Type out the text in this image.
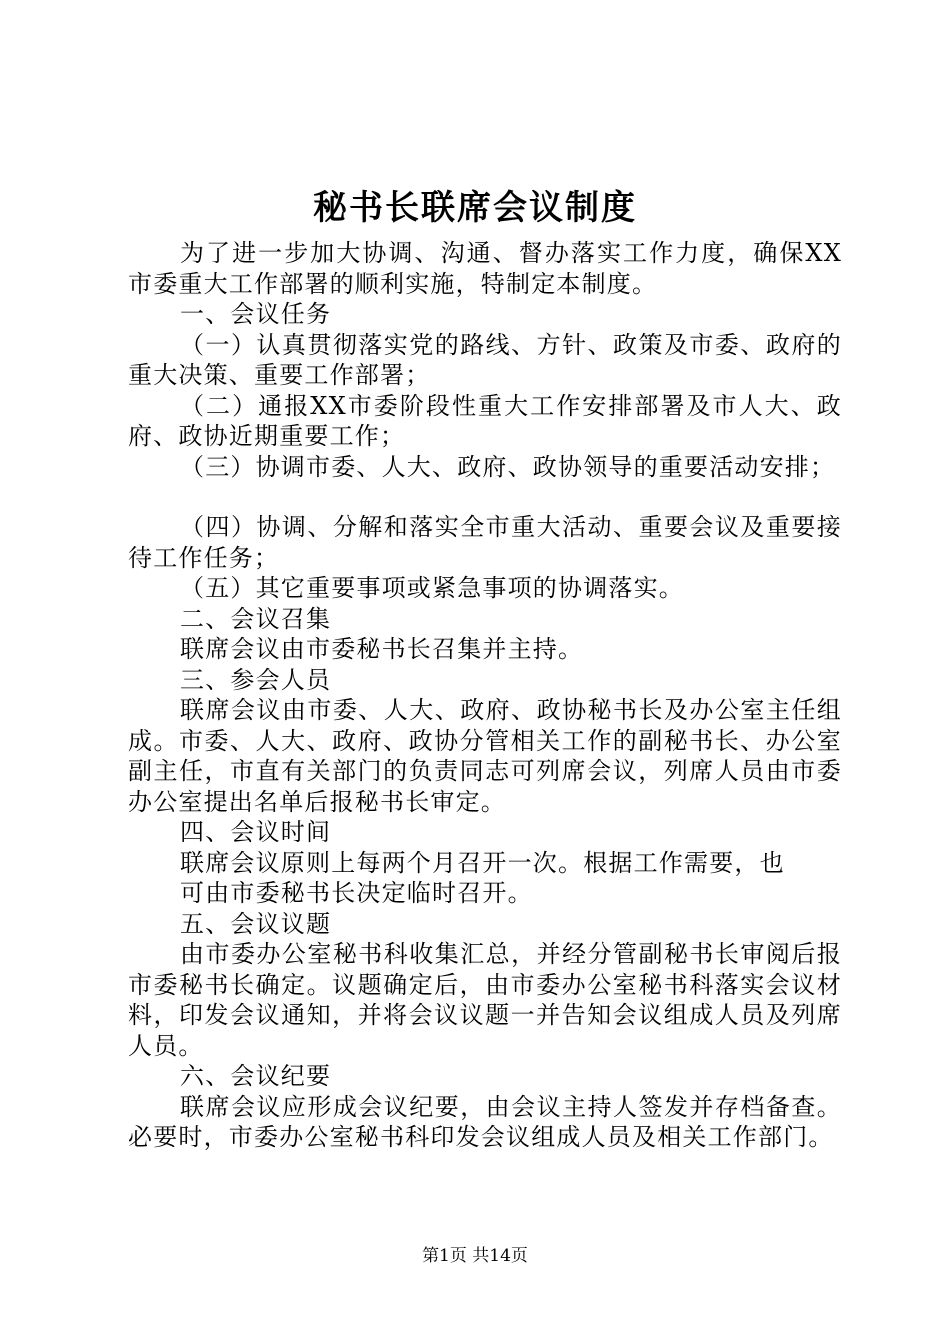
秘书长联席会议制度

为了进一步加大协调、沟通、督办落实工作力度，确保XX市委重大工作部署的顺利实施，特制定本制度。

一、会议任务

（一）认真贯彻落实党的路线、方针、政策及市委、政府的重大决策、重要工作部署；

（二）通报XX市委阶段性重大工作安排部署及市人大、政府、政协近期重要工作；

（三）协调市委、人大、政府、政协领导的重要活动安排；

（四）协调、分解和落实全市重大活动、重要会议及重要接待工作任务；

（五）其它重要事项或紧急事项的协调落实。

二、会议召集

联席会议由市委秘书长召集并主持。

三、参会人员

联席会议由市委、人大、政府、政协秘书长及办公室主任组成。市委、人大、政府、政协分管相关工作的副秘书长、办公室副主任，市直有关部门的负责同志可列席会议，列席人员由市委办公室提出名单后报秘书长审定。

四、会议时间

联席会议原则上每两个月召开一次。根据工作需要，也

可由市委秘书长决定临时召开。

五、会议议题

由市委办公室秘书科收集汇总，并经分管副秘书长审阅后报市委秘书长确定。议题确定后，由市委办公室秘书科落实会议材料，印发会议通知，并将会议议题一并告知会议组成人员及列席人员。

六、会议纪要

联席会议应形成会议纪要，由会议主持人签发并存档备查。必要时，市委办公室秘书科印发会议组成人员及相关工作部门。

第1页 共14页
